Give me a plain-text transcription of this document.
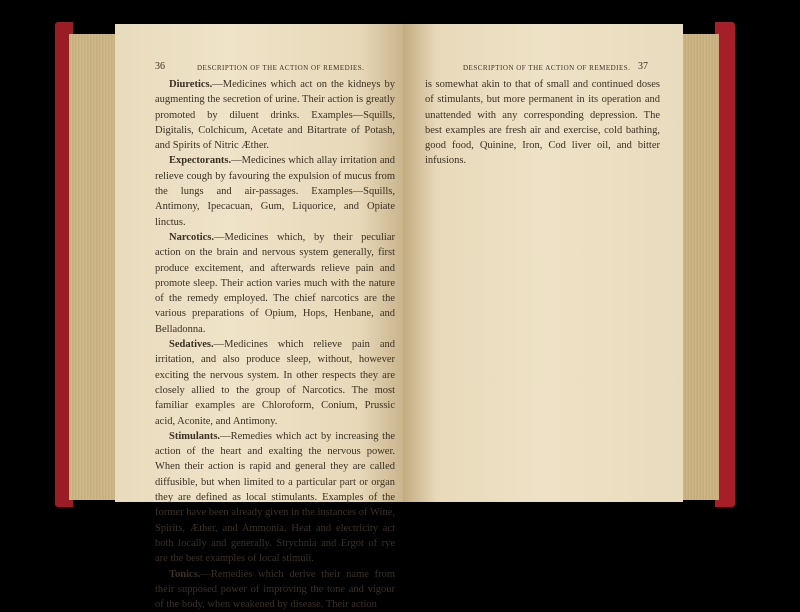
36	DESCRIPTION OF THE ACTION OF REMEDIES.

Diuretics.—Medicines which act on the kidneys by augmenting the secretion of urine. Their action is greatly promoted by diluent drinks. Examples—Squills, Digitalis, Colchicum, Acetate and Bitartrate of Potash, and Spirits of Nitric Æther.

Expectorants.—Medicines which allay irritation and relieve cough by favouring the expulsion of mucus from the lungs and air-passages. Examples—Squills, Antimony, Ipecacuan, Gum, Liquorice, and Opiate linctus.

Narcotics.—Medicines which, by their peculiar action on the brain and nervous system generally, first produce excitement, and afterwards relieve pain and promote sleep. Their action varies much with the nature of the remedy employed. The chief narcotics are the various preparations of Opium, Hops, Henbane, and Belladonna.

Sedatives.—Medicines which relieve pain and irritation, and also produce sleep, without, however exciting the nervous system. In other respects they are closely allied to the group of Narcotics. The most familiar examples are Chloroform, Conium, Prussic acid, Aconite, and Antimony.

Stimulants.—Remedies which act by increasing the action of the heart and exalting the nervous power. When their action is rapid and general they are called diffusible, but when limited to a particular part or organ they are defined as local stimulants. Examples of the former have been already given in the instances of Wine, Spirits, Æther, and Ammonia. Heat and electricity act both locally and generally. Strychnia and Ergot of rye are the best examples of local stimuli.

Tonics.—Remedies which derive their name from their supposed power of improving the tone and vigour of the body, when weakened by disease. Their action

DESCRIPTION OF THE ACTION OF REMEDIES. 37

is somewhat akin to that of small and continued doses of stimulants, but more permanent in its operation and unattended with any corresponding depression. The best examples are fresh air and exercise, cold bathing, good food, Quinine, Iron, Cod liver oil, and bitter infusions.
